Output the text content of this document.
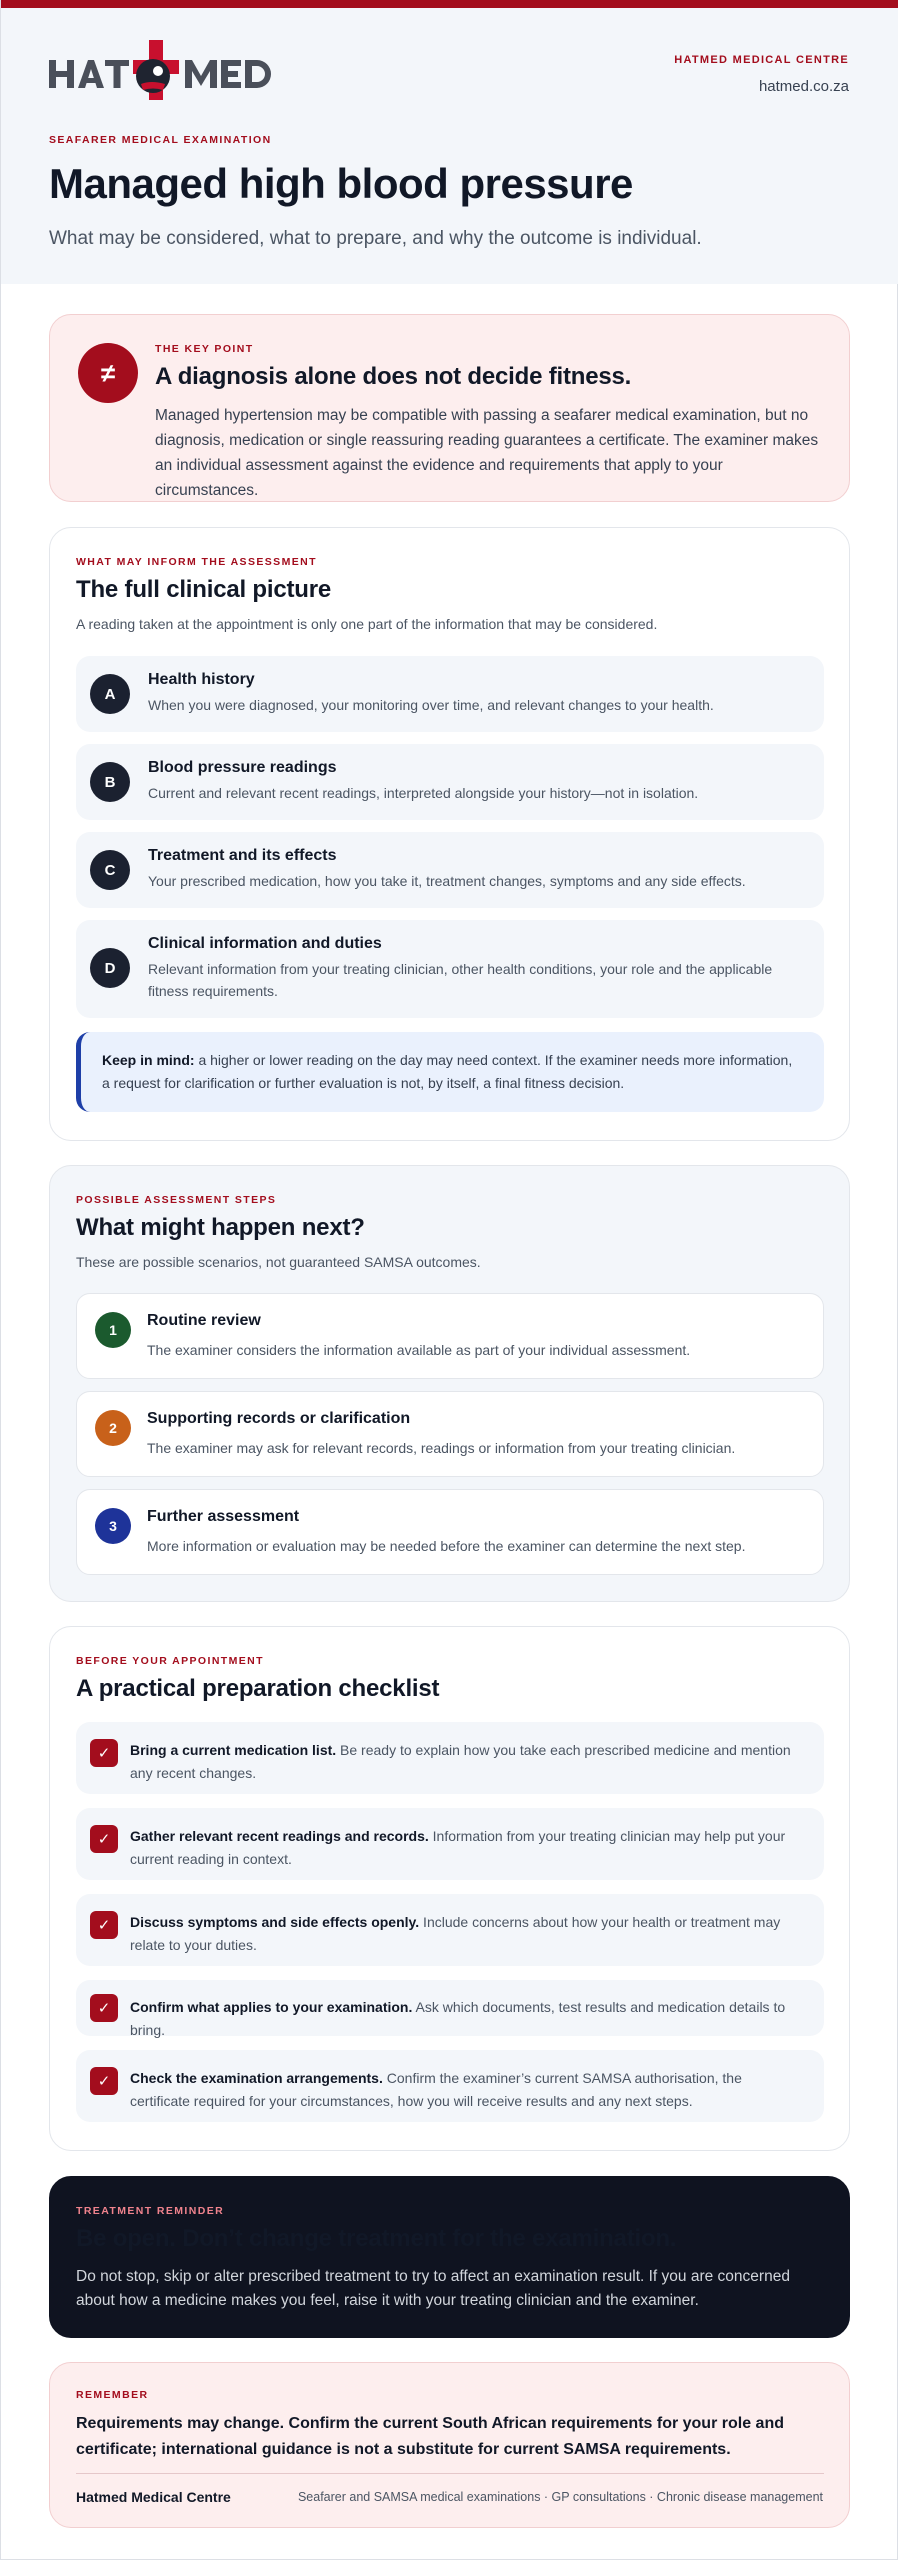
HATMED MEDICAL CENTRE
hatmed.co.za
SEAFARER MEDICAL EXAMINATION
Managed high blood pressure

What may be considered, what to prepare, and why the outcome is individual.

≠
THE KEY POINT
A diagnosis alone does not decide fitness.

Managed hypertension may be compatible with passing a seafarer medical examination, but no diagnosis, medication or single reassuring reading guarantees a certificate. The examiner makes an individual assessment against the evidence and requirements that apply to your circumstances.

WHAT MAY INFORM THE ASSESSMENT
The full clinical picture

A reading taken at the appointment is only one part of the information that may be considered.

A
Health history
When you were diagnosed, your monitoring over time, and relevant changes to your health.
B
Blood pressure readings
Current and relevant recent readings, interpreted alongside your history—not in isolation.
C
Treatment and its effects
Your prescribed medication, how you take it, treatment changes, symptoms and any side effects.
D
Clinical information and duties
Relevant information from your treating clinician, other health conditions, your role and the applicable fitness requirements.

Keep in mind: a higher or lower reading on the day may need context. If the examiner needs more information, a request for clarification or further evaluation is not, by itself, a final fitness decision.

POSSIBLE ASSESSMENT STEPS
What might happen next?

These are possible scenarios, not guaranteed SAMSA outcomes.

1
Routine review
The examiner considers the information available as part of your individual assessment.
2
Supporting records or clarification
The examiner may ask for relevant records, readings or information from your treating clinician.
3
Further assessment
More information or evaluation may be needed before the examiner can determine the next step.
BEFORE YOUR APPOINTMENT
A practical preparation checklist
✓	Bring a current medication list. Be ready to explain how you take each prescribed medicine and mention any recent changes.

✓	Gather relevant recent readings and records. Information from your treating clinician may help put your current reading in context.

✓	Discuss symptoms and side effects openly. Include concerns about how your health or treatment may relate to your duties.

✓	Confirm what applies to your examination. Ask which documents, test results and medication details to bring.

✓	Check the examination arrangements. Confirm the examiner’s current SAMSA authorisation, the certificate required for your circumstances, how you will receive results and any next steps.

TREATMENT REMINDER
Be open. Don’t change treatment for the examination.

Do not stop, skip or alter prescribed treatment to try to affect an examination result. If you are concerned about how a medicine makes you feel, raise it with your treating clinician and the examiner.

REMEMBER

Requirements may change. Confirm the current South African requirements for your role and certificate; international guidance is not a substitute for current SAMSA requirements.

Hatmed Medical Centre	Seafarer and SAMSA medical examinations · GP consultations · Chronic disease management
